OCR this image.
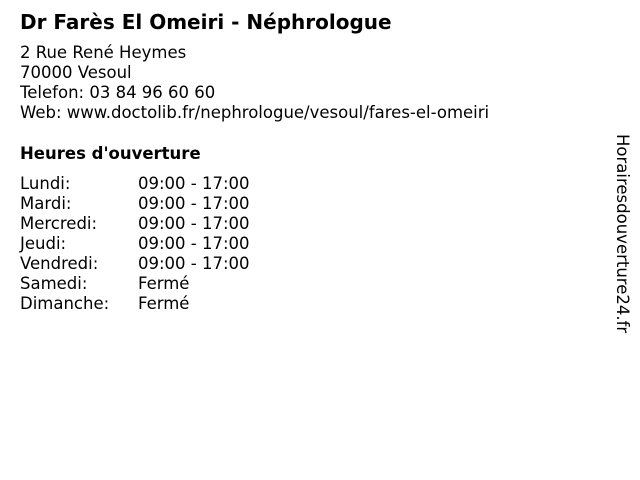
Dr Farès El Omeiri - Néphrologue
2 Rue René Heymes
70000 Vesoul
Telefon: 03 84 96 60 60
Web: www.doctolib.fr/nephrologue/vesoul/fares-el-omeiri
Heures d'ouverture
Lundi:	09:00 - 17:00
Mardi:	09:00 - 17:00
Mercredi: 09:00 - 17:00
Jeudi:	09:00 - 17:00
Vendredi: 09:00 - 17:00
Samedi:	Fermé
Dimanche: Fermé	Horairesdouverture24.fr
